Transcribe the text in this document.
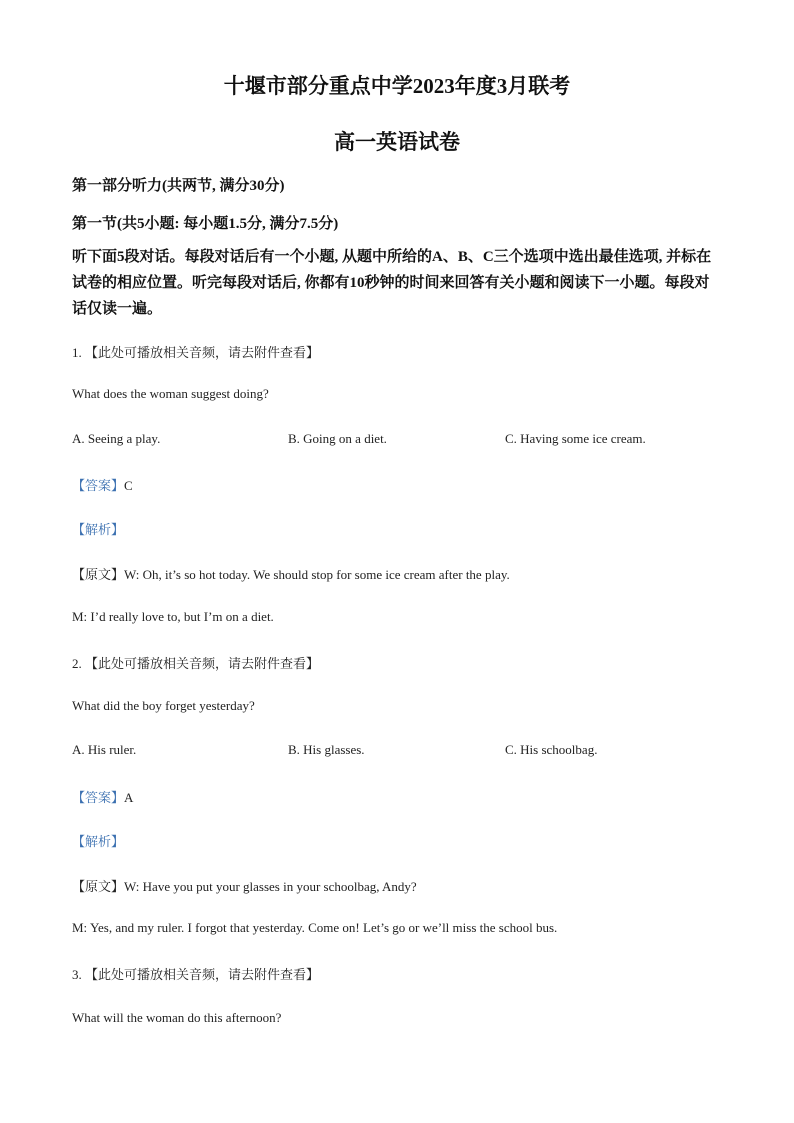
十堰市部分重点中学2023年度3月联考
高一英语试卷
第一部分听力(共两节, 满分30分)
第一节(共5小题: 每小题1.5分, 满分7.5分)
听下面5段对话。每段对话后有一个小题, 从题中所给的A、B、C三个选项中选出最佳选项, 并标在试卷的相应位置。听完每段对话后, 你都有10秒钟的时间来回答有关小题和阅读下一小题。每段对话仅读一遍。
1. 【此处可播放相关音频，请去附件查看】
What does the woman suggest doing?
A. Seeing a play.	B. Going on a diet.	C. Having some ice cream.
【答案】C
【解析】
【原文】W: Oh, it’s so hot today. We should stop for some ice cream after the play.
M: I’d really love to, but I’m on a diet.
2. 【此处可播放相关音频，请去附件查看】
What did the boy forget yesterday?
A. His ruler.	B. His glasses.	C. His schoolbag.
【答案】A
【解析】
【原文】W: Have you put your glasses in your schoolbag, Andy?
M: Yes, and my ruler. I forgot that yesterday. Come on! Let’s go or we’ll miss the school bus.
3. 【此处可播放相关音频，请去附件查看】
What will the woman do this afternoon?
